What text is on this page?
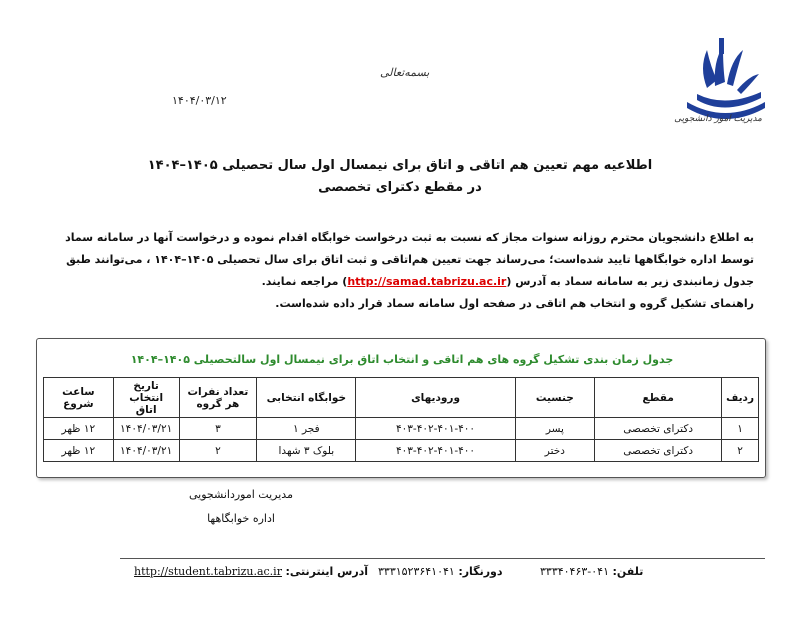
مدیریت امور دانشجویی
بسمه‌تعالی
۱۴۰۴/۰۳/۱۲
اطلاعیه مهم تعیین هم اتاقی و اتاق برای نیمسال اول سال تحصیلی ۱۴۰۵–۱۴۰۴
در مقطع دکترای تخصصی
به اطلاع دانشجویان محترم روزانه سنوات مجاز که نسبت به ثبت درخواست خوابگاه اقدام نموده و درخواست آنها در سامانه سماد توسط اداره خوابگاهها تایید شده‌است؛ می‌رساند جهت تعیین هم‌اتاقی و ثبت اتاق برای سال تحصیلی ۱۴۰۵–۱۴۰۴ ، می‌توانند طبق جدول زمانبندی زیر به سامانه سماد به آدرس (http://samad.tabrizu.ac.ir) مراجعه نمایند.
راهنمای تشکیل گروه و انتخاب هم اتاقی در صفحه اول سامانه سماد قرار داده شده‌است.
جدول زمان بندی تشکیل گروه های هم اتاقی و انتخاب اتاق برای نیمسال اول سالتحصیلی ۱۴۰۵–۱۴۰۴
ردیف	مقطع	جنسیت	ورودیهای	خوابگاه انتخابی	تعداد نفرات هر گروه	تاریخ انتخاب اتاق	ساعت شروع
۱	دکترای تخصصی	پسر	۴۰۳-۴۰۲-۴۰۱-۴۰۰	فجر ۱	۳	۱۴۰۴/۰۳/۲۱	۱۲ ظهر
۲	دکترای تخصصی	دختر	۴۰۳-۴۰۲-۴۰۱-۴۰۰	بلوک ۳ شهدا	۲	۱۴۰۴/۰۳/۲۱	۱۲ ظهر
مدیریت اموردانشجویی
اداره خوابگاهها
تلفن: ۰۴۱-۳۳۳۴۰۴۶۳
دورنگار: ۳۳۳۱۵۲۳۶۴۱۰۴۱
آدرس اینترنتی: http://student.tabrizu.ac.ir
